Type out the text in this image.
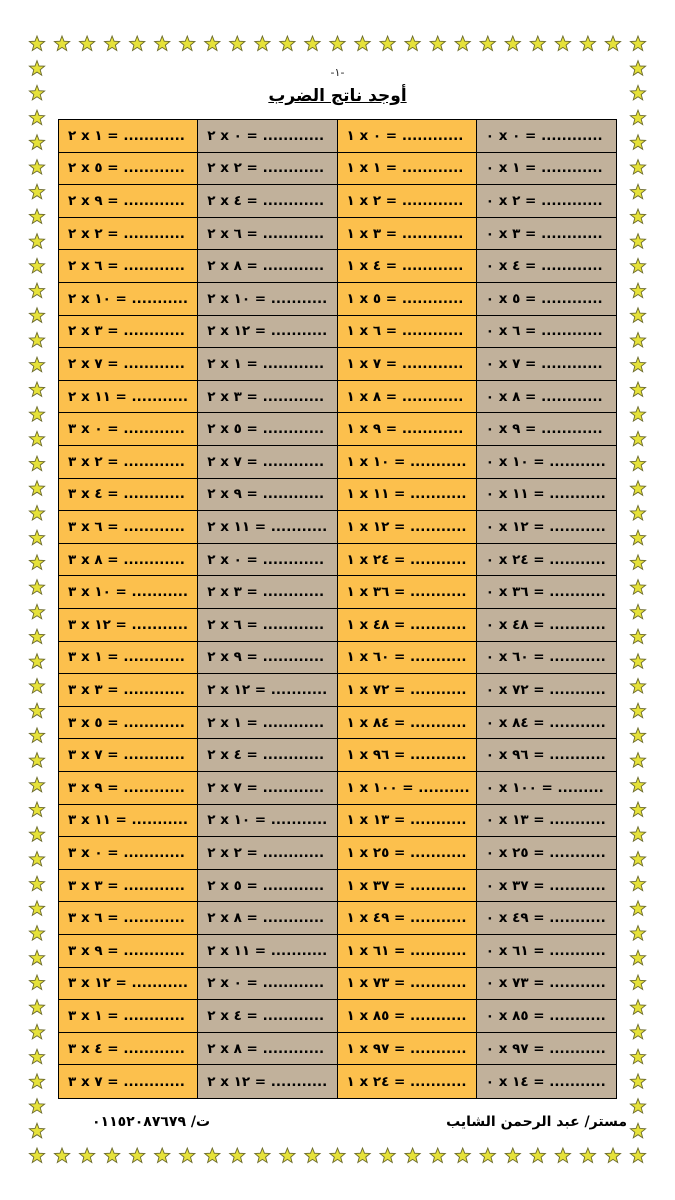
-١-
أوجد ناتج الضرب
٢ x ١ = ............	٢ x ٠ = ............	١ x ٠ = ............	٠ x ٠ = ............
٢ x ٥ = ............	٢ x ٢ = ............	١ x ١ = ............	٠ x ١ = ............
٢ x ٩ = ............	٢ x ٤ = ............	١ x ٢ = ............	٠ x ٢ = ............
٢ x ٢ = ............	٢ x ٦ = ............	١ x ٣ = ............	٠ x ٣ = ............
٢ x ٦ = ............	٢ x ٨ = ............	١ x ٤ = ............	٠ x ٤ = ............
٢ x ١٠ = ...........	٢ x ١٠ = ...........	١ x ٥ = ............	٠ x ٥ = ............
٢ x ٣ = ............	٢ x ١٢ = ...........	١ x ٦ = ............	٠ x ٦ = ............
٢ x ٧ = ............	٢ x ١ = ............	١ x ٧ = ............	٠ x ٧ = ............
٢ x ١١ = ...........	٢ x ٣ = ............	١ x ٨ = ............	٠ x ٨ = ............
٣ x ٠ = ............	٢ x ٥ = ............	١ x ٩ = ............	٠ x ٩ = ............
٣ x ٢ = ............	٢ x ٧ = ............	١ x ١٠ = ...........	٠ x ١٠ = ...........
٣ x ٤ = ............	٢ x ٩ = ............	١ x ١١ = ...........	٠ x ١١ = ...........
٣ x ٦ = ............	٢ x ١١ = ...........	١ x ١٢ = ...........	٠ x ١٢ = ...........
٣ x ٨ = ............	٢ x ٠ = ............	١ x ٢٤ = ...........	٠ x ٢٤ = ...........
٣ x ١٠ = ...........	٢ x ٣ = ............	١ x ٣٦ = ...........	٠ x ٣٦ = ...........
٣ x ١٢ = ...........	٢ x ٦ = ............	١ x ٤٨ = ...........	٠ x ٤٨ = ...........
٣ x ١ = ............	٢ x ٩ = ............	١ x ٦٠ = ...........	٠ x ٦٠ = ...........
٣ x ٣ = ............	٢ x ١٢ = ...........	١ x ٧٢ = ...........	٠ x ٧٢ = ...........
٣ x ٥ = ............	٢ x ١ = ............	١ x ٨٤ = ...........	٠ x ٨٤ = ...........
٣ x ٧ = ............	٢ x ٤ = ............	١ x ٩٦ = ...........	٠ x ٩٦ = ...........
٣ x ٩ = ............	٢ x ٧ = ............	١ x ١٠٠ = ..........	٠ x ١٠٠ = .........
٣ x ١١ = ...........	٢ x ١٠ = ...........	١ x ١٣ = ...........	٠ x ١٣ = ...........
٣ x ٠ = ............	٢ x ٢ = ............	١ x ٢٥ = ...........	٠ x ٢٥ = ...........
٣ x ٣ = ............	٢ x ٥ = ............	١ x ٣٧ = ...........	٠ x ٣٧ = ...........
٣ x ٦ = ............	٢ x ٨ = ............	١ x ٤٩ = ...........	٠ x ٤٩ = ...........
٣ x ٩ = ............	٢ x ١١ = ...........	١ x ٦١ = ...........	٠ x ٦١ = ...........
٣ x ١٢ = ...........	٢ x ٠ = ............	١ x ٧٣ = ...........	٠ x ٧٣ = ...........
٣ x ١ = ............	٢ x ٤ = ............	١ x ٨٥ = ...........	٠ x ٨٥ = ...........
٣ x ٤ = ............	٢ x ٨ = ............	١ x ٩٧ = ...........	٠ x ٩٧ = ...........
٣ x ٧ = ............	٢ x ١٢ = ...........	١ x ٢٤ = ...........	٠ x ١٤ = ...........
ت/ ٠١١٥٢٠٨٧٦٧٩	مستر/ عبد الرحمن الشايب
